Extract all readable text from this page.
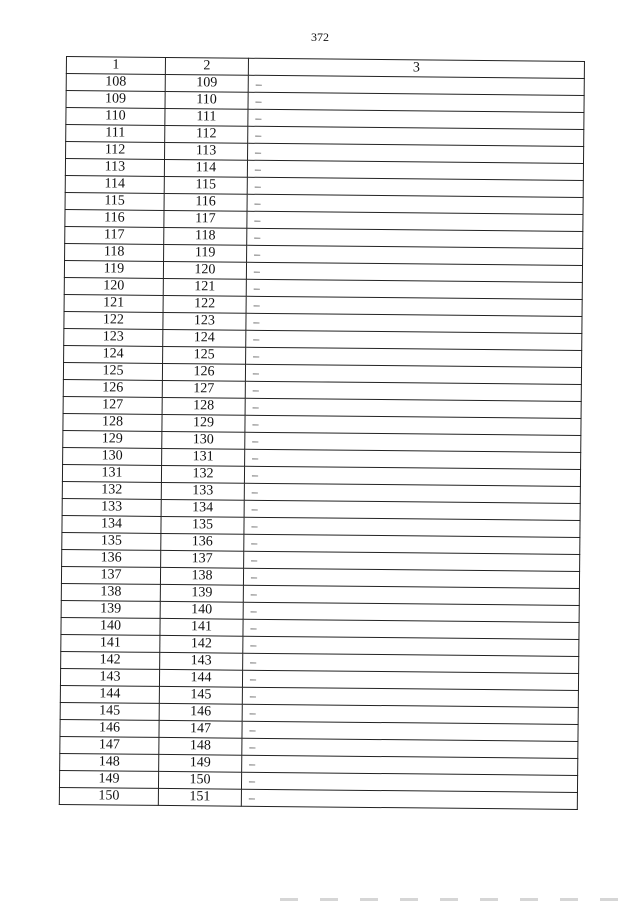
372
1	2	3
108	109	–
109	110	–
110	111	–
111	112	–
112	113	–
113	114	–
114	115	–
115	116	–
116	117	–
117	118	–
118	119	–
119	120	–
120	121	–
121	122	–
122	123	–
123	124	–
124	125	–
125	126	–
126	127	–
127	128	–
128	129	–
129	130	–
130	131	–
131	132	–
132	133	–
133	134	–
134	135	–
135	136	–
136	137	–
137	138	–
138	139	–
139	140	–
140	141	–
141	142	–
142	143	–
143	144	–
144	145	–
145	146	–
146	147	–
147	148	–
148	149	–
149	150	–
150	151	–
